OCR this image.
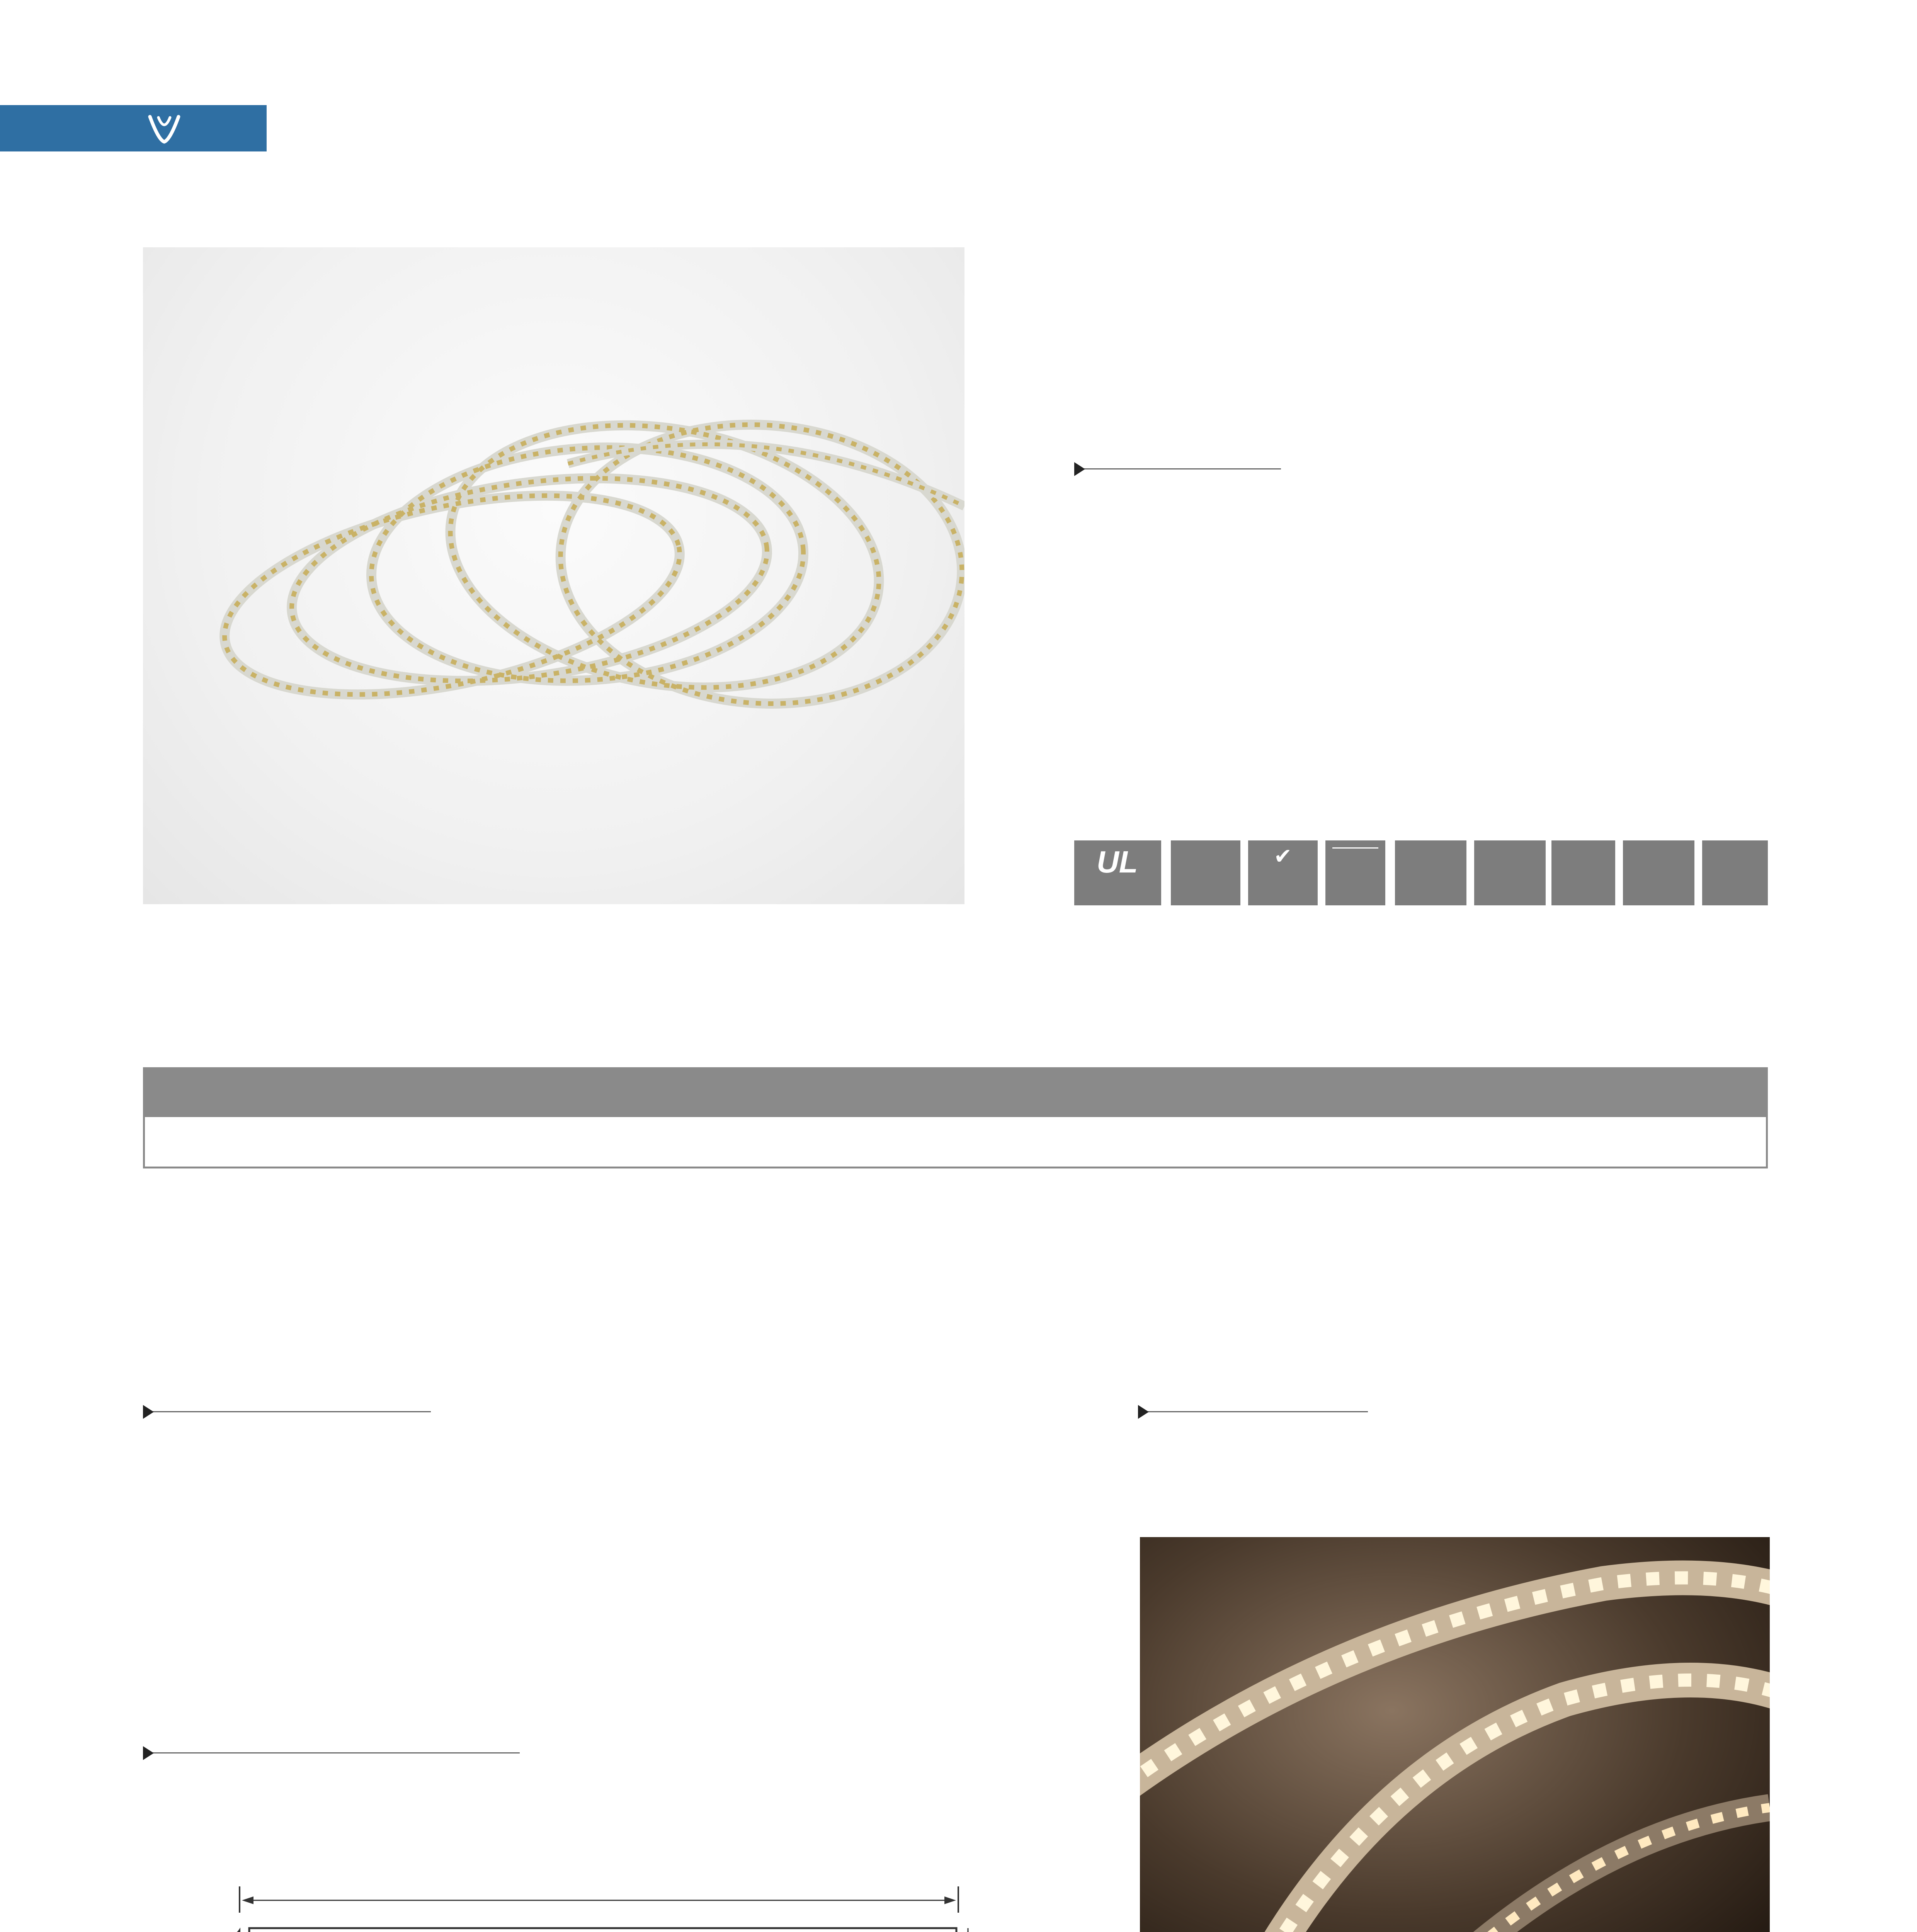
UL	✔
